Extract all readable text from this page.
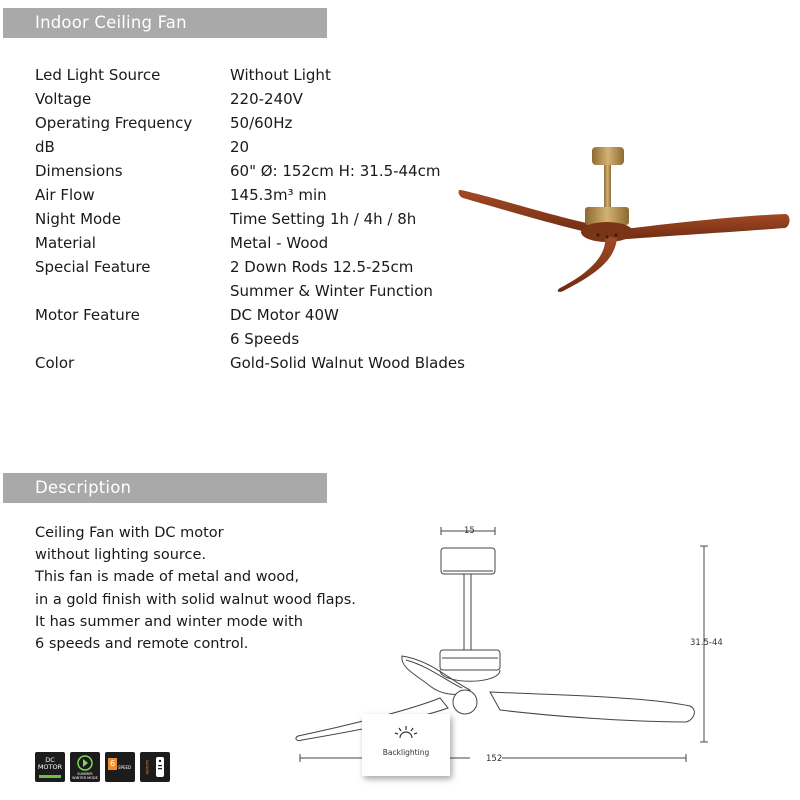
Indoor Ceiling Fan
Led Light Source	Without Light
Voltage	220-240V
Operating Frequency	50/60Hz
dB	20
Dimensions	60" Ø: 152cm H: 31.5-44cm
Air Flow	145.3m³ min
Night Mode	Time Setting 1h / 4h / 8h
Material	Metal - Wood
Special Feature	2 Down Rods 12.5-25cm
Summer & Winter Function
Motor Feature	DC Motor 40W
6 Speeds
Color	Gold-Solid Walnut Wood Blades
Description
Ceiling Fan with DC motor
without lighting source.
This fan is made of metal and wood,
in a gold finish with solid walnut wood flaps.
It has summer and winter mode with
6 speeds and remote control.
15
31.5-44
152
Backlighting
DC MOTOR
SUMMER WINTER MODE
6 SPEED	REMOTE
